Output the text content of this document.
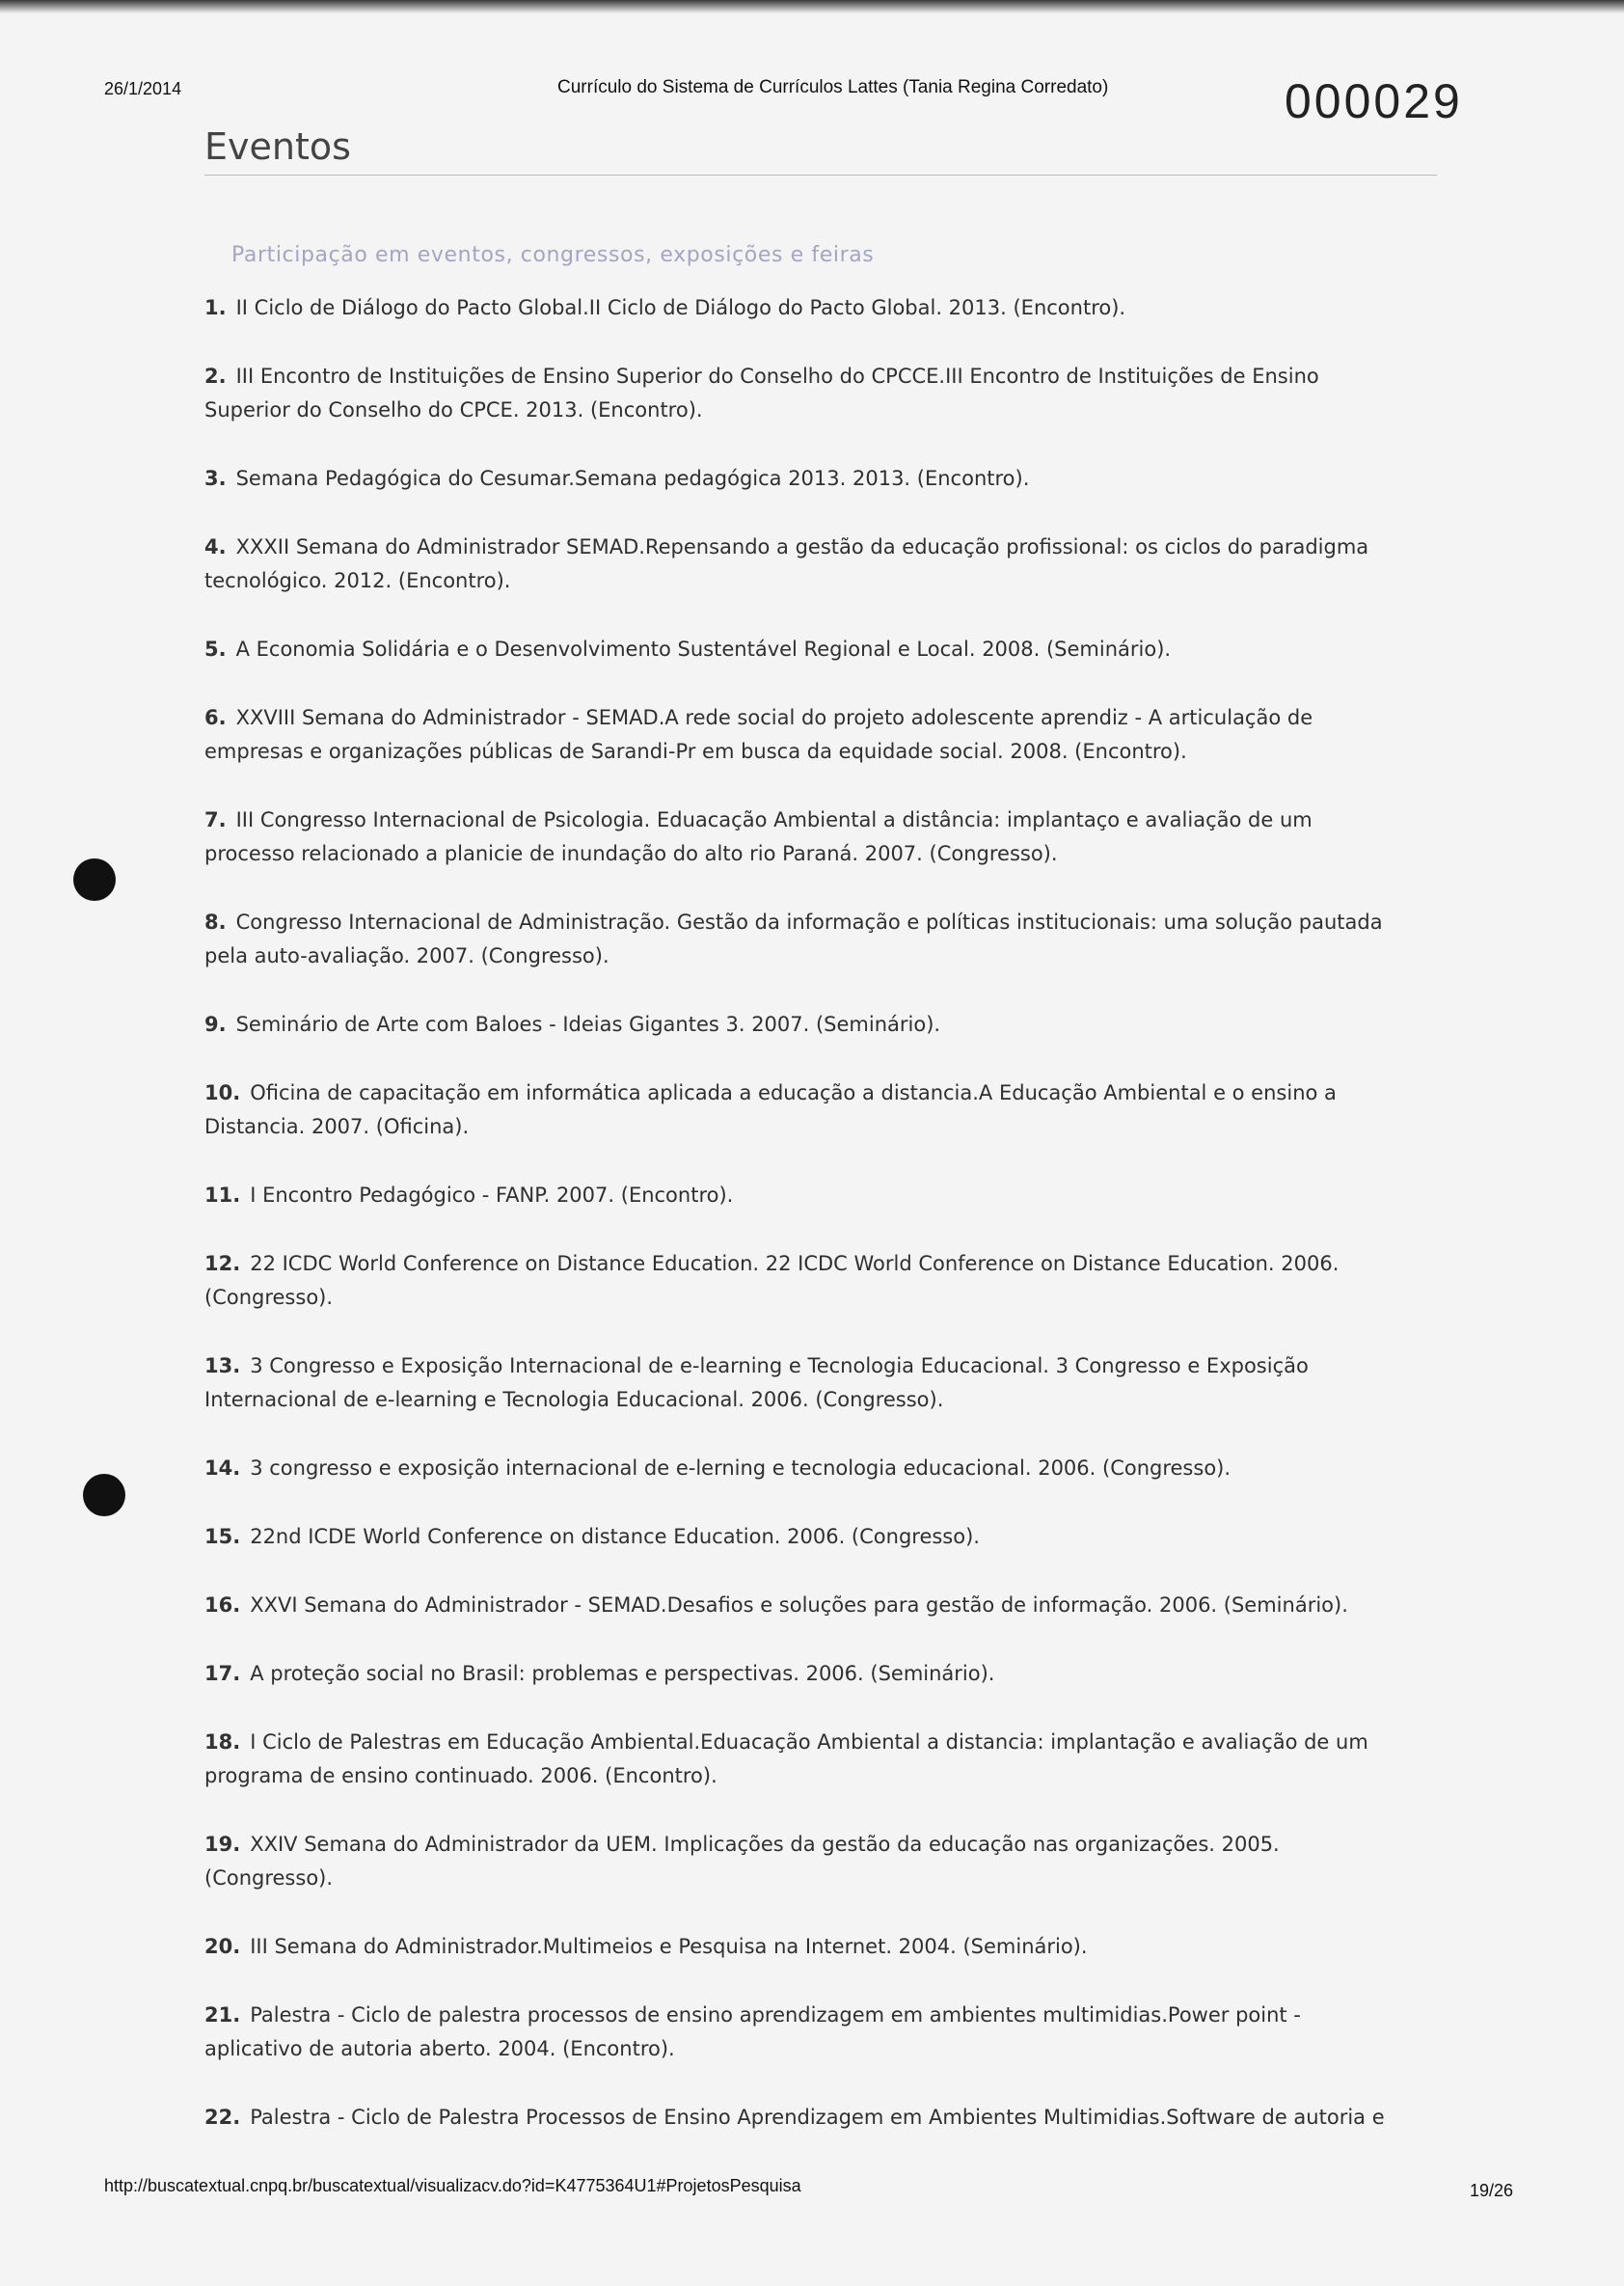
26/1/2014	Currículo do Sistema de Currículos Lattes (Tania Regina Corredato)	000029
Eventos
Participação em eventos, congressos, exposições e feiras
1. II Ciclo de Diálogo do Pacto Global.II Ciclo de Diálogo do Pacto Global. 2013. (Encontro).
2. III Encontro de Instituições de Ensino Superior do Conselho do CPCCE.III Encontro de Instituições de Ensino Superior do Conselho do CPCE. 2013. (Encontro).
3. Semana Pedagógica do Cesumar.Semana pedagógica 2013. 2013. (Encontro).
4. XXXII Semana do Administrador SEMAD.Repensando a gestão da educação profissional: os ciclos do paradigma tecnológico. 2012. (Encontro).
5. A Economia Solidária e o Desenvolvimento Sustentável Regional e Local. 2008. (Seminário).
6. XXVIII Semana do Administrador - SEMAD.A rede social do projeto adolescente aprendiz - A articulação de empresas e organizações públicas de Sarandi-Pr em busca da equidade social. 2008. (Encontro).
7. III Congresso Internacional de Psicologia. Eduacação Ambiental a distância: implantaço e avaliação de um processo relacionado a planicie de inundação do alto rio Paraná. 2007. (Congresso).
8. Congresso Internacional de Administração. Gestão da informação e políticas institucionais: uma solução pautada pela auto-avaliação. 2007. (Congresso).
9. Seminário de Arte com Baloes - Ideias Gigantes 3. 2007. (Seminário).
10. Oficina de capacitação em informática aplicada a educação a distancia.A Educação Ambiental e o ensino a Distancia. 2007. (Oficina).
11. I Encontro Pedagógico - FANP. 2007. (Encontro).
12. 22 ICDC World Conference on Distance Education. 22 ICDC World Conference on Distance Education. 2006. (Congresso).
13. 3 Congresso e Exposição Internacional de e-learning e Tecnologia Educacional. 3 Congresso e Exposição Internacional de e-learning e Tecnologia Educacional. 2006. (Congresso).
14. 3 congresso e exposição internacional de e-lerning e tecnologia educacional. 2006. (Congresso).
15. 22nd ICDE World Conference on distance Education. 2006. (Congresso).
16. XXVI Semana do Administrador - SEMAD.Desafios e soluções para gestão de informação. 2006. (Seminário).
17. A proteção social no Brasil: problemas e perspectivas. 2006. (Seminário).
18. I Ciclo de Palestras em Educação Ambiental.Eduacação Ambiental a distancia: implantação e avaliação de um programa de ensino continuado. 2006. (Encontro).
19. XXIV Semana do Administrador da UEM. Implicações da gestão da educação nas organizações. 2005. (Congresso).
20. III Semana do Administrador.Multimeios e Pesquisa na Internet. 2004. (Seminário).
21. Palestra - Ciclo de palestra processos de ensino aprendizagem em ambientes multimidias.Power point - aplicativo de autoria aberto. 2004. (Encontro).
22. Palestra - Ciclo de Palestra Processos de Ensino Aprendizagem em Ambientes Multimidias.Software de autoria e
http://buscatextual.cnpq.br/buscatextual/visualizacv.do?id=K4775364U1#ProjetosPesquisa	19/26
